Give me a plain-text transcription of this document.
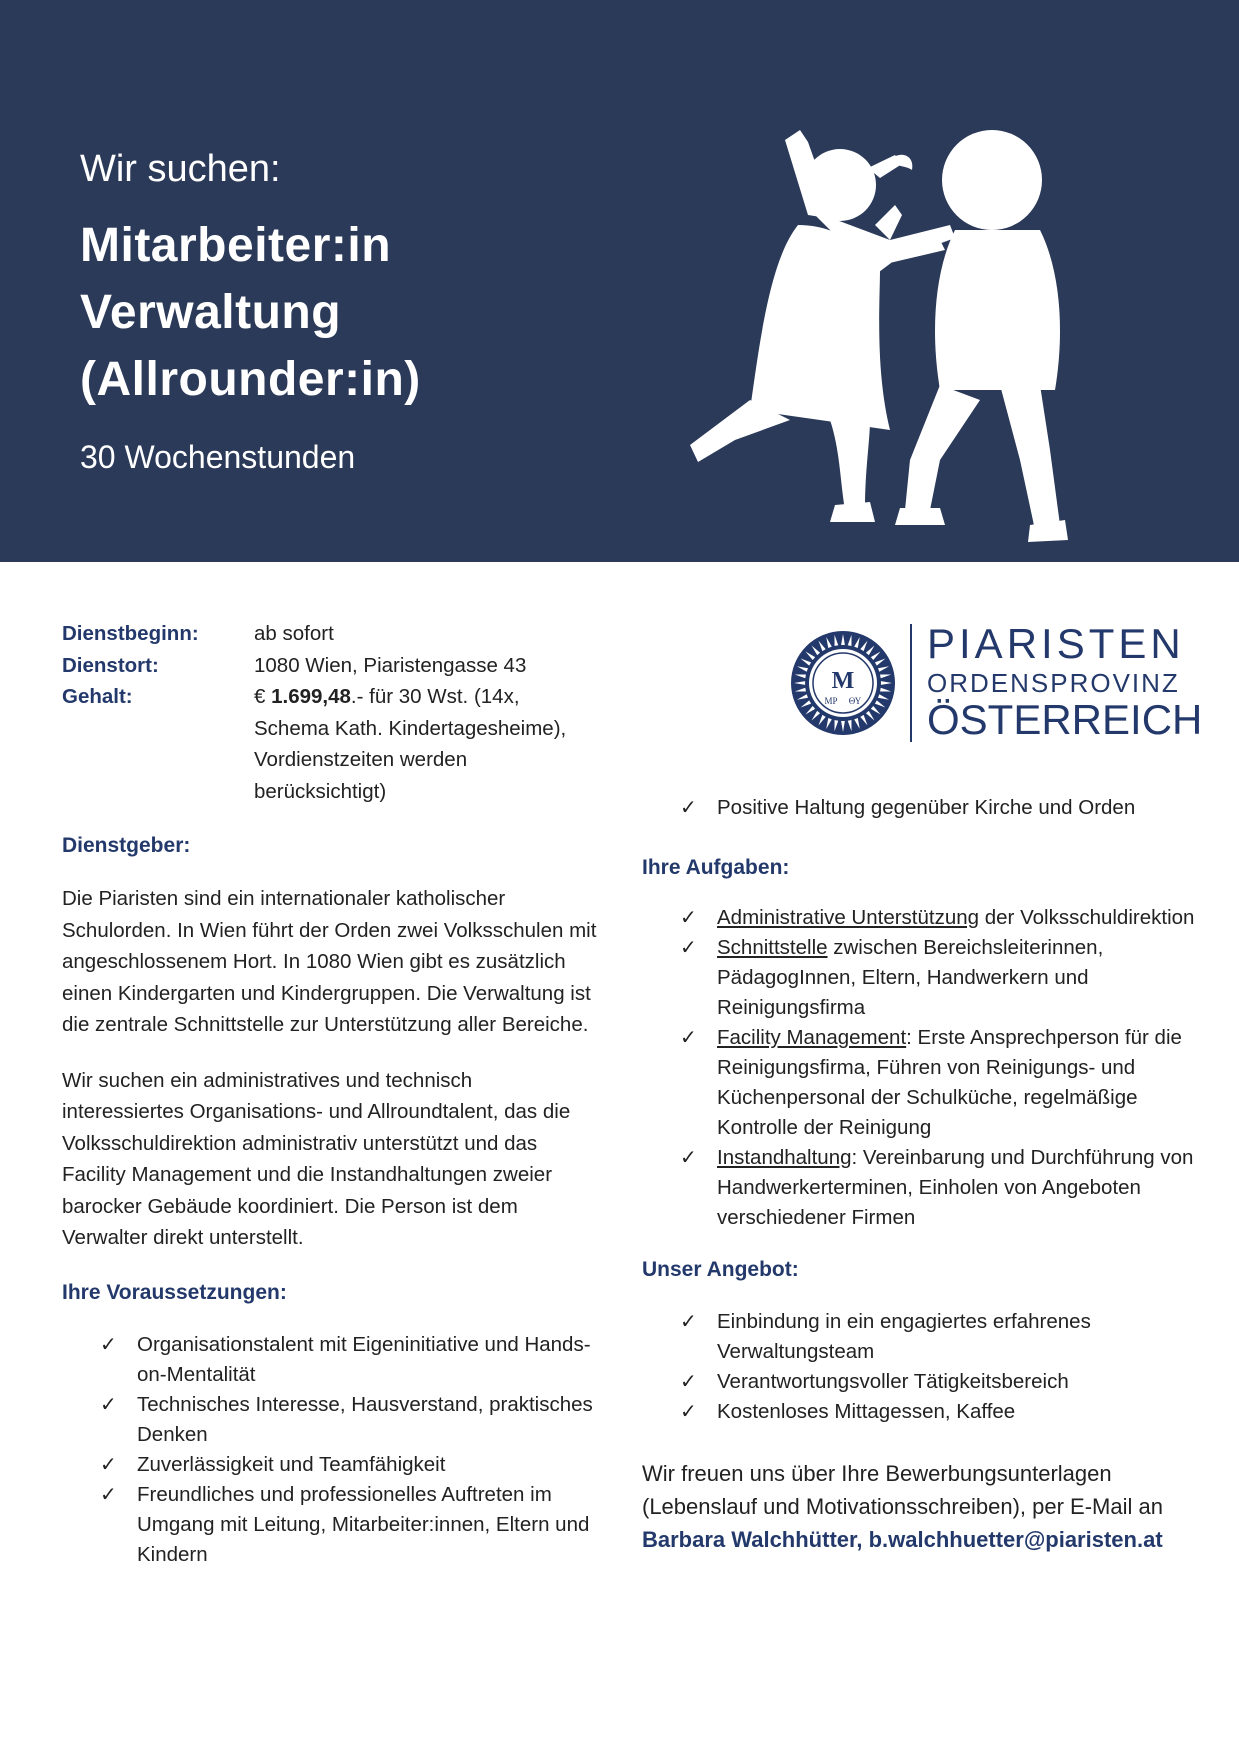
Wir suchen:
Mitarbeiter:in
Verwaltung
(Allrounder:in)
30 Wochenstunden
M
MP ΘΥ
PIARISTEN
ORDENSPROVINZ
ÖSTERREICH
Dienstbeginn:	ab sofort
Dienstort:	1080 Wien, Piaristengasse 43
Gehalt:	€ 1.699,48.- für 30 Wst. (14x, Schema Kath. Kindertagesheime), Vordienstzeiten werden berücksichtigt)
Dienstgeber:
Die Piaristen sind ein internationaler katholischer Schulorden. In Wien führt der Orden zwei Volksschulen mit angeschlossenem Hort. In 1080 Wien gibt es zusätzlich einen Kindergarten und Kindergruppen. Die Verwaltung ist die zentrale Schnittstelle zur Unterstützung aller Bereiche.
Wir suchen ein administratives und technisch interessiertes Organisations- und Allroundtalent, das die Volksschuldirektion administrativ unterstützt und das Facility Management und die Instandhaltungen zweier barocker Gebäude koordiniert. Die Person ist dem Verwalter direkt unterstellt.
Ihre Voraussetzungen:
✓ Organisationstalent mit Eigeninitiative und Hands-on-Mentalität
✓ Technisches Interesse, Hausverstand, praktisches Denken
✓ Zuverlässigkeit und Teamfähigkeit
✓ Freundliches und professionelles Auftreten im Umgang mit Leitung, Mitarbeiter:innen, Eltern und Kindern
✓ Positive Haltung gegenüber Kirche und Orden
Ihre Aufgaben:
✓ Administrative Unterstützung der Volksschuldirektion
✓ Schnittstelle zwischen Bereichsleiterinnen, PädagogInnen, Eltern, Handwerkern und Reinigungsfirma
✓ Facility Management: Erste Ansprechperson für die Reinigungsfirma, Führen von Reinigungs- und Küchenpersonal der Schulküche, regelmäßige Kontrolle der Reinigung
✓ Instandhaltung: Vereinbarung und Durchführung von Handwerkerterminen, Einholen von Angeboten verschiedener Firmen
Unser Angebot:
✓ Einbindung in ein engagiertes erfahrenes Verwaltungsteam
✓ Verantwortungsvoller Tätigkeitsbereich
✓ Kostenloses Mittagessen, Kaffee
Wir freuen uns über Ihre Bewerbungsunterlagen (Lebenslauf und Motivationsschreiben), per E-Mail an
Barbara Walchhütter, b.walchhuetter@piaristen.at
